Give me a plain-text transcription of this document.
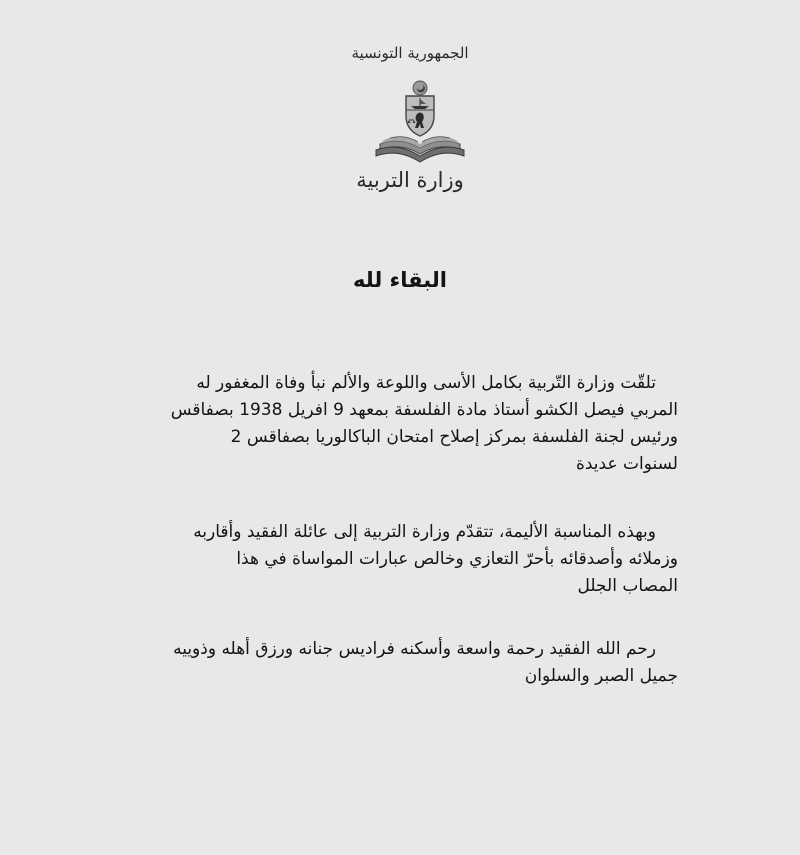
الجمهورية التونسية
وزارة التربية
البقاء لله
تلقّت وزارة التّربية بكامل الأسى واللوعة والألم نبأ وفاة المغفور له
المربي فيصل الكشو أستاذ مادة الفلسفة بمعهد 9 افريل 1938 بصفاقس
ورئيس لجنة الفلسفة بمركز إصلاح امتحان الباكالوريا بصفاقس 2
لسنوات عديدة
وبهذه المناسبة الأليمة، تتقدّم وزارة التربية إلى عائلة الفقيد وأقاربه
وزملائه وأصدقائه بأحرّ التعازي وخالص عبارات المواساة في هذا
المصاب الجلل
رحم الله الفقيد رحمة واسعة وأسكنه فراديس جنانه ورزق أهله وذوييه
جميل الصبر والسلوان
